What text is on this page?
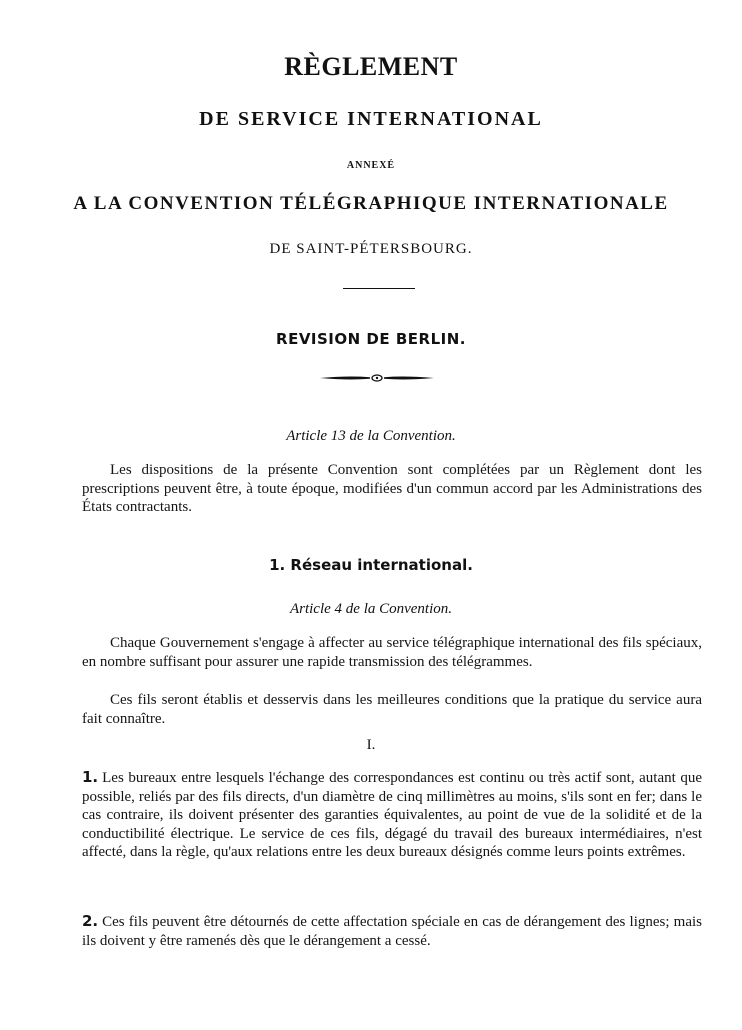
RÈGLEMENT
DE SERVICE INTERNATIONAL
ANNEXÉ
A LA CONVENTION TÉLÉGRAPHIQUE INTERNATIONALE
DE SAINT-PÉTERSBOURG.
REVISION DE BERLIN.
Article 13 de la Convention.

Les dispositions de la présente Convention sont complétées par un Règlement dont les prescriptions peuvent être, à toute époque, modifiées d'un commun accord par les Administrations des États contractants.

1. Réseau international.
Article 4 de la Convention.

Chaque Gouvernement s'engage à affecter au service télégraphique international des fils spéciaux, en nombre suffisant pour assurer une rapide transmission des télégrammes.

Ces fils seront établis et desservis dans les meilleures conditions que la pratique du service aura fait connaître.

I.

1. Les bureaux entre lesquels l'échange des correspondances est continu ou très actif sont, autant que possible, reliés par des fils directs, d'un diamètre de cinq millimètres au moins, s'ils sont en fer; dans le cas contraire, ils doivent présenter des garanties équivalentes, au point de vue de la solidité et de la conductibilité électrique. Le service de ces fils, dégagé du travail des bureaux intermédiaires, n'est affecté, dans la règle, qu'aux relations entre les deux bureaux désignés comme leurs points extrêmes.

2. Ces fils peuvent être détournés de cette affectation spéciale en cas de dérangement des lignes; mais ils doivent y être ramenés dès que le dérangement a cessé.
